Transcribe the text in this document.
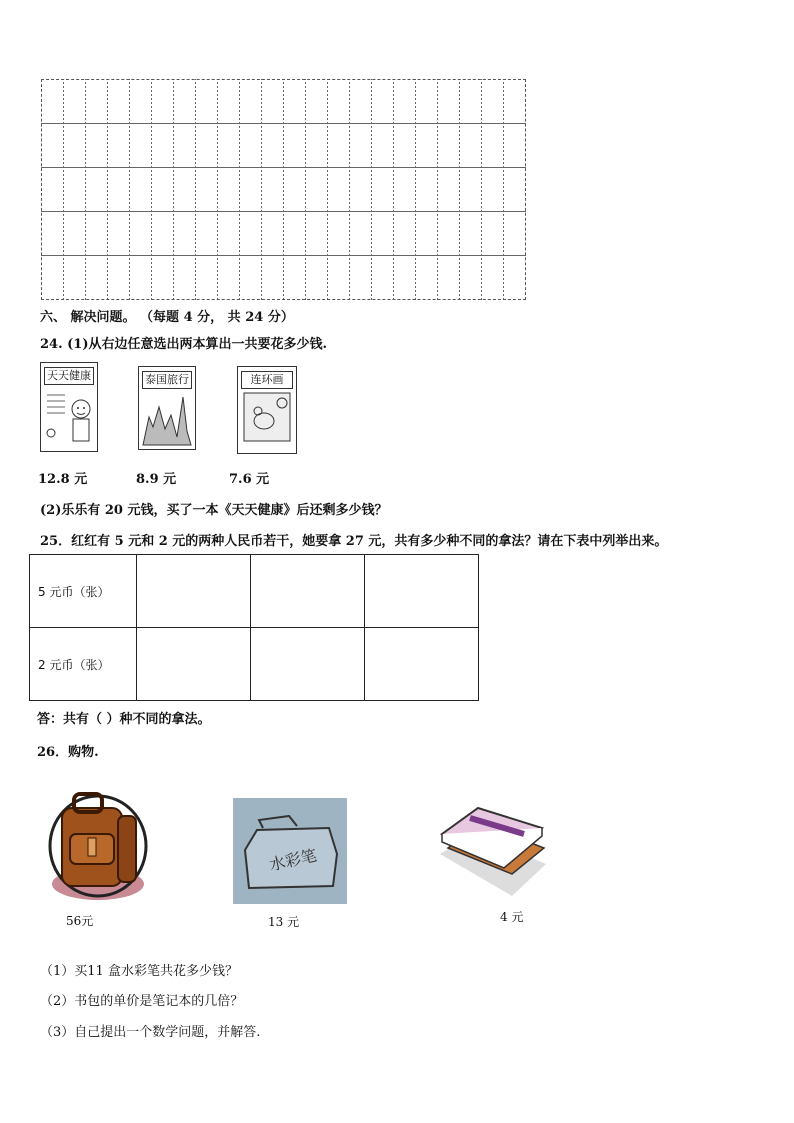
六、 解决问题。 （每题 4 分， 共 24 分）
24. (1)从右边任意选出两本算出一共要花多少钱.
天天健康	泰国旅行	连环画
12.8 元	8.9 元	7.6 元
(2)乐乐有 20 元钱，买了一本《天天健康》后还剩多少钱？
25．红红有 5 元和 2 元的两种人民币若干，她要拿 27 元，共有多少种不同的拿法？请在下表中列举出来。
5 元币（张）			
2 元币（张）			
答：共有（ ）种不同的拿法。
26．购物.
56元
水彩笔
13 元	4 元
（1）买11 盒水彩笔共花多少钱？
（2）书包的单价是笔记本的几倍？
（3）自己提出一个数学问题，并解答.
